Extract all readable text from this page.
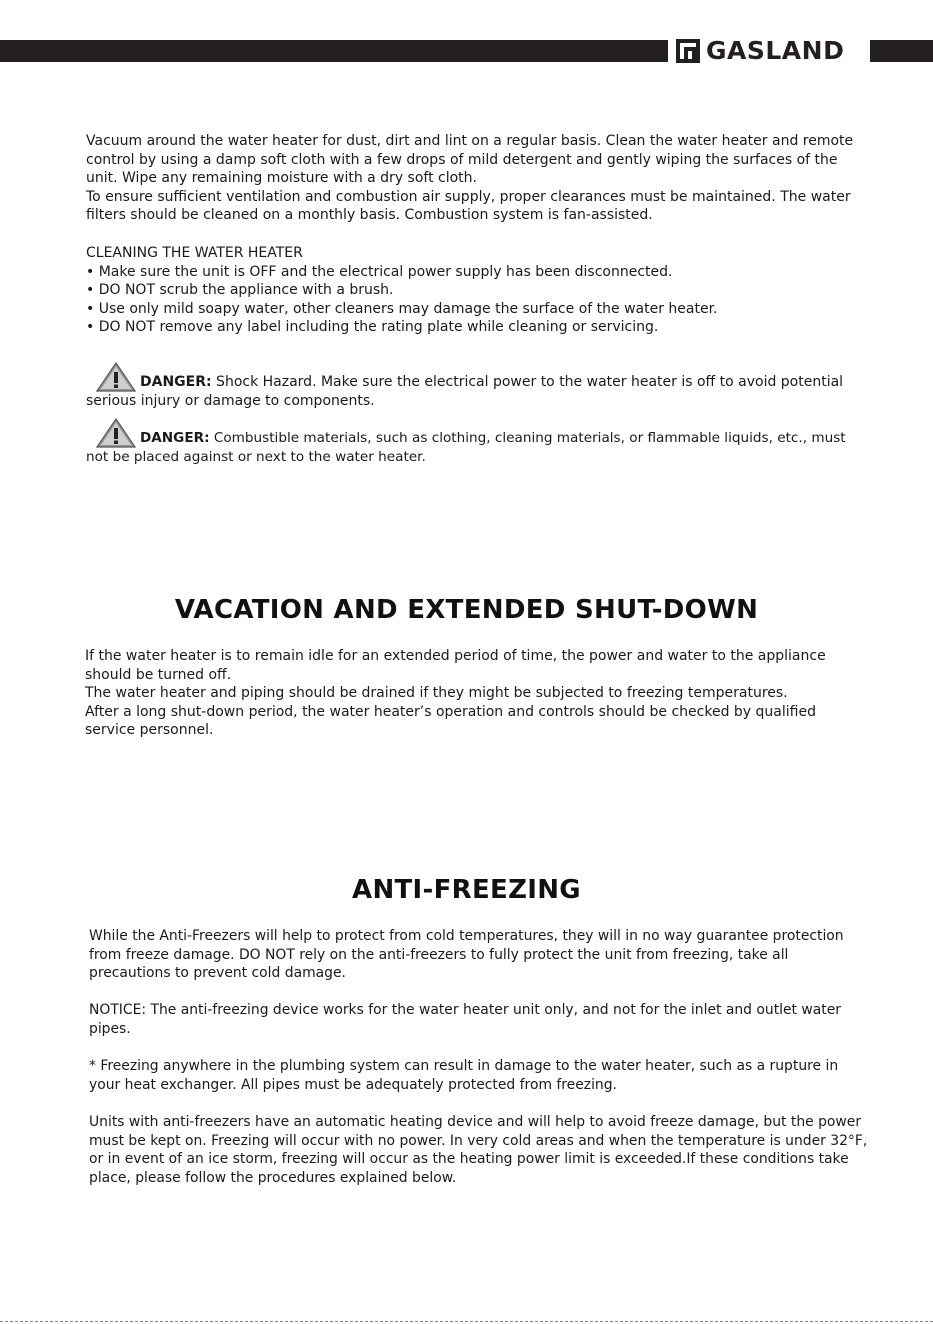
GASLAND

Vacuum around the water heater for dust, dirt and lint on a regular basis. Clean the water heater and remote

control by using a damp soft cloth with a few drops of mild detergent and gently wiping the surfaces of the

unit. Wipe any remaining moisture with a dry soft cloth.

To ensure sufficient ventilation and combustion air supply, proper clearances must be maintained. The water

filters should be cleaned on a monthly basis. Combustion system is fan-assisted.

CLEANING THE WATER HEATER

• Make sure the unit is OFF and the electrical power supply has been disconnected.

• DO NOT scrub the appliance with a brush.

• Use only mild soapy water, other cleaners may damage the surface of the water heater.

• DO NOT remove any label including the rating plate while cleaning or servicing.

DANGER: Shock Hazard. Make sure the electrical power to the water heater is off to avoid potential
serious injury or damage to components.
DANGER: Combustible materials, such as clothing, cleaning materials, or flammable liquids, etc., must
not be placed against or next to the water heater.
VACATION AND EXTENDED SHUT-DOWN

If the water heater is to remain idle for an extended period of time, the power and water to the appliance

should be turned off.

The water heater and piping should be drained if they might be subjected to freezing temperatures.

After a long shut-down period, the water heater’s operation and controls should be checked by qualified

service personnel.

ANTI-FREEZING

While the Anti-Freezers will help to protect from cold temperatures, they will in no way guarantee protection

from freeze damage. DO NOT rely on the anti-freezers to fully protect the unit from freezing, take all

precautions to prevent cold damage.

NOTICE: The anti-freezing device works for the water heater unit only, and not for the inlet and outlet water

pipes.

* Freezing anywhere in the plumbing system can result in damage to the water heater, such as a rupture in

your heat exchanger. All pipes must be adequately protected from freezing.

Units with anti-freezers have an automatic heating device and will help to avoid freeze damage, but the power

must be kept on. Freezing will occur with no power. In very cold areas and when the temperature is under 32°F,

or in event of an ice storm, freezing will occur as the heating power limit is exceeded.If these conditions take

place, please follow the procedures explained below.
